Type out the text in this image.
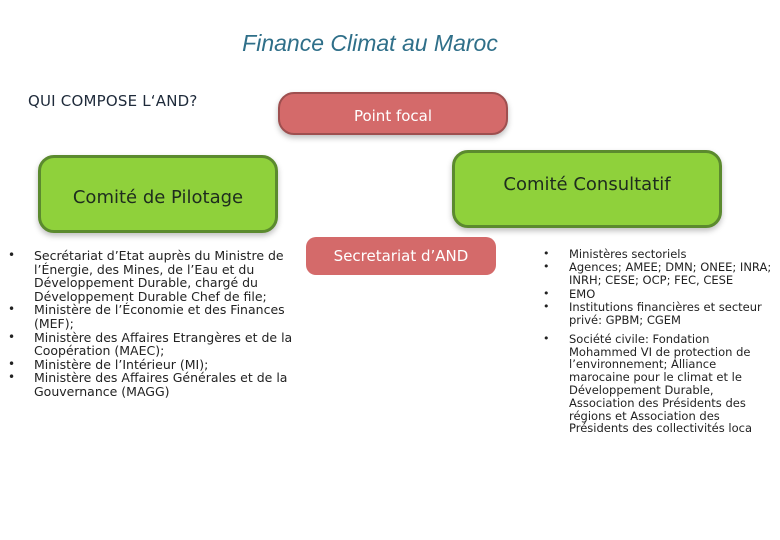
Finance Climat au Maroc
QUI COMPOSE L‘AND?
Point focal
Comité de Pilotage
Comité Consultatif
Secretariat d’AND
• Secrétariat d’Etat auprès du Ministre de l’Énergie, des Mines, de l’Eau et du Développement Durable, chargé du Développement Durable Chef de file;
• Ministère de l’Économie et des Finances (MEF);
• Ministère des Affaires Etrangères et de la Coopération (MAEC);
• Ministère de l’Intérieur (MI);
• Ministère des Affaires Générales et de la Gouvernance (MAGG)
• Ministères sectoriels
• Agences; AMEE; DMN; ONEE; INRA; INRH; CESE; OCP; FEC, CESE
• EMO
• Institutions financières et secteur privé: GPBM; CGEM
• Société civile: Fondation Mohammed VI de protection de l’environnement; Alliance marocaine pour le climat et le Développement Durable, Association des Présidents des régions et Association des Présidents des collectivités loca
